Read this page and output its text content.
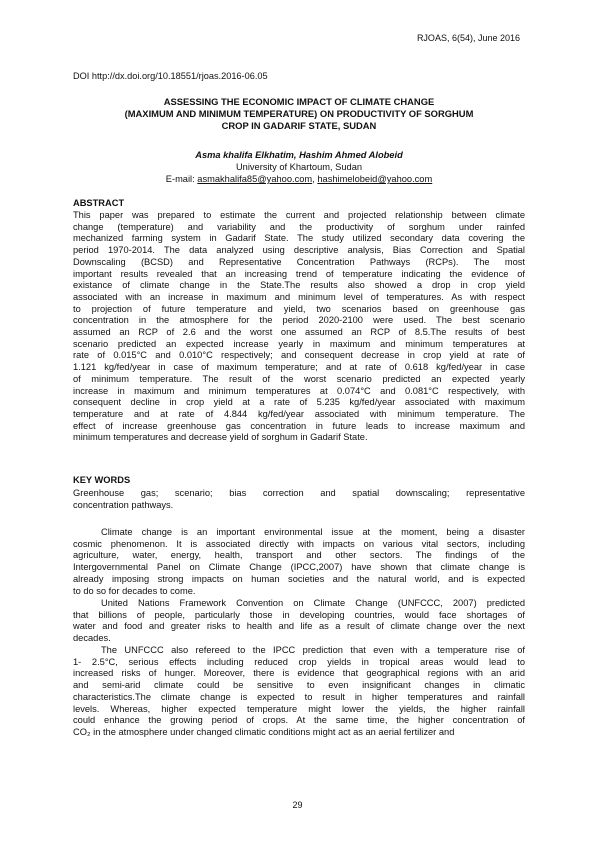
RJOAS, 6(54), June 2016
DOI http://dx.doi.org/10.18551/rjoas.2016-06.05
ASSESSING THE ECONOMIC IMPACT OF CLIMATE CHANGE
(MAXIMUM AND MINIMUM TEMPERATURE) ON PRODUCTIVITY OF SORGHUM
CROP IN GADARIF STATE, SUDAN
Asma khalifa Elkhatim, Hashim Ahmed Alobeid
University of Khartoum, Sudan
E-mail: asmakhalifa85@yahoo.com, hashimelobeid@yahoo.com
ABSTRACT
This paper was prepared to estimate the current and projected relationship between climate
change (temperature) and variability and the productivity of sorghum under rainfed
mechanized farming system in Gadarif State. The study utilized secondary data covering the
period 1970-2014. The data analyzed using descriptive analysis, Bias Correction and Spatial
Downscaling (BCSD) and Representative Concentration Pathways (RCPs). The most
important results revealed that an increasing trend of temperature indicating the evidence of
existance of climate change in the State.The results also showed a drop in crop yield
associated with an increase in maximum and minimum level of temperatures. As with respect
to projection of future temperature and yield, two scenarios based on greenhouse gas
concentration in the atmosphere for the period 2020-2100 were used. The best scenario
assumed an RCP of 2.6 and the worst one assumed an RCP of 8.5.The results of best
scenario predicted an expected increase yearly in maximum and minimum temperatures at
rate of 0.015°C and 0.010°C respectively; and consequent decrease in crop yield at rate of
1.121 kg/fed/year in case of maximum temperature; and at rate of 0.618 kg/fed/year in case
of minimum temperature. The result of the worst scenario predicted an expected yearly
increase in maximum and minimum temperatures at 0.074°C and 0.081°C respectively, with
consequent decline in crop yield at a rate of 5.235 kg/fed/year associated with maximum
temperature and at rate of 4.844 kg/fed/year associated with minimum temperature. The
effect of increase greenhouse gas concentration in future leads to increase maximum and
minimum temperatures and decrease yield of sorghum in Gadarif State.
KEY WORDS
Greenhouse gas; scenario; bias correction and spatial downscaling; representative
concentration pathways.
Climate change is an important environmental issue at the moment, being a disaster
cosmic phenomenon. It is associated directly with impacts on various vital sectors, including
agriculture, water, energy, health, transport and other sectors. The findings of the
Intergovernmental Panel on Climate Change (IPCC,2007) have shown that climate change is
already imposing strong impacts on human societies and the natural world, and is expected
to do so for decades to come.
United Nations Framework Convention on Climate Change (UNFCCC, 2007) predicted
that billions of people, particularly those in developing countries, would face shortages of
water and food and greater risks to health and life as a result of climate change over the next
decades.
The UNFCCC also refereed to the IPCC prediction that even with a temperature rise of
1- 2.5°C, serious effects including reduced crop yields in tropical areas would lead to
increased risks of hunger. Moreover, there is evidence that geographical regions with an arid
and semi-arid climate could be sensitive to even insignificant changes in climatic
characteristics.The climate change is expected to result in higher temperatures and rainfall
levels. Whereas, higher expected temperature might lower the yields, the higher rainfall
could enhance the growing period of crops. At the same time, the higher concentration of
CO₂ in the atmosphere under changed climatic conditions might act as an aerial fertilizer and
29
